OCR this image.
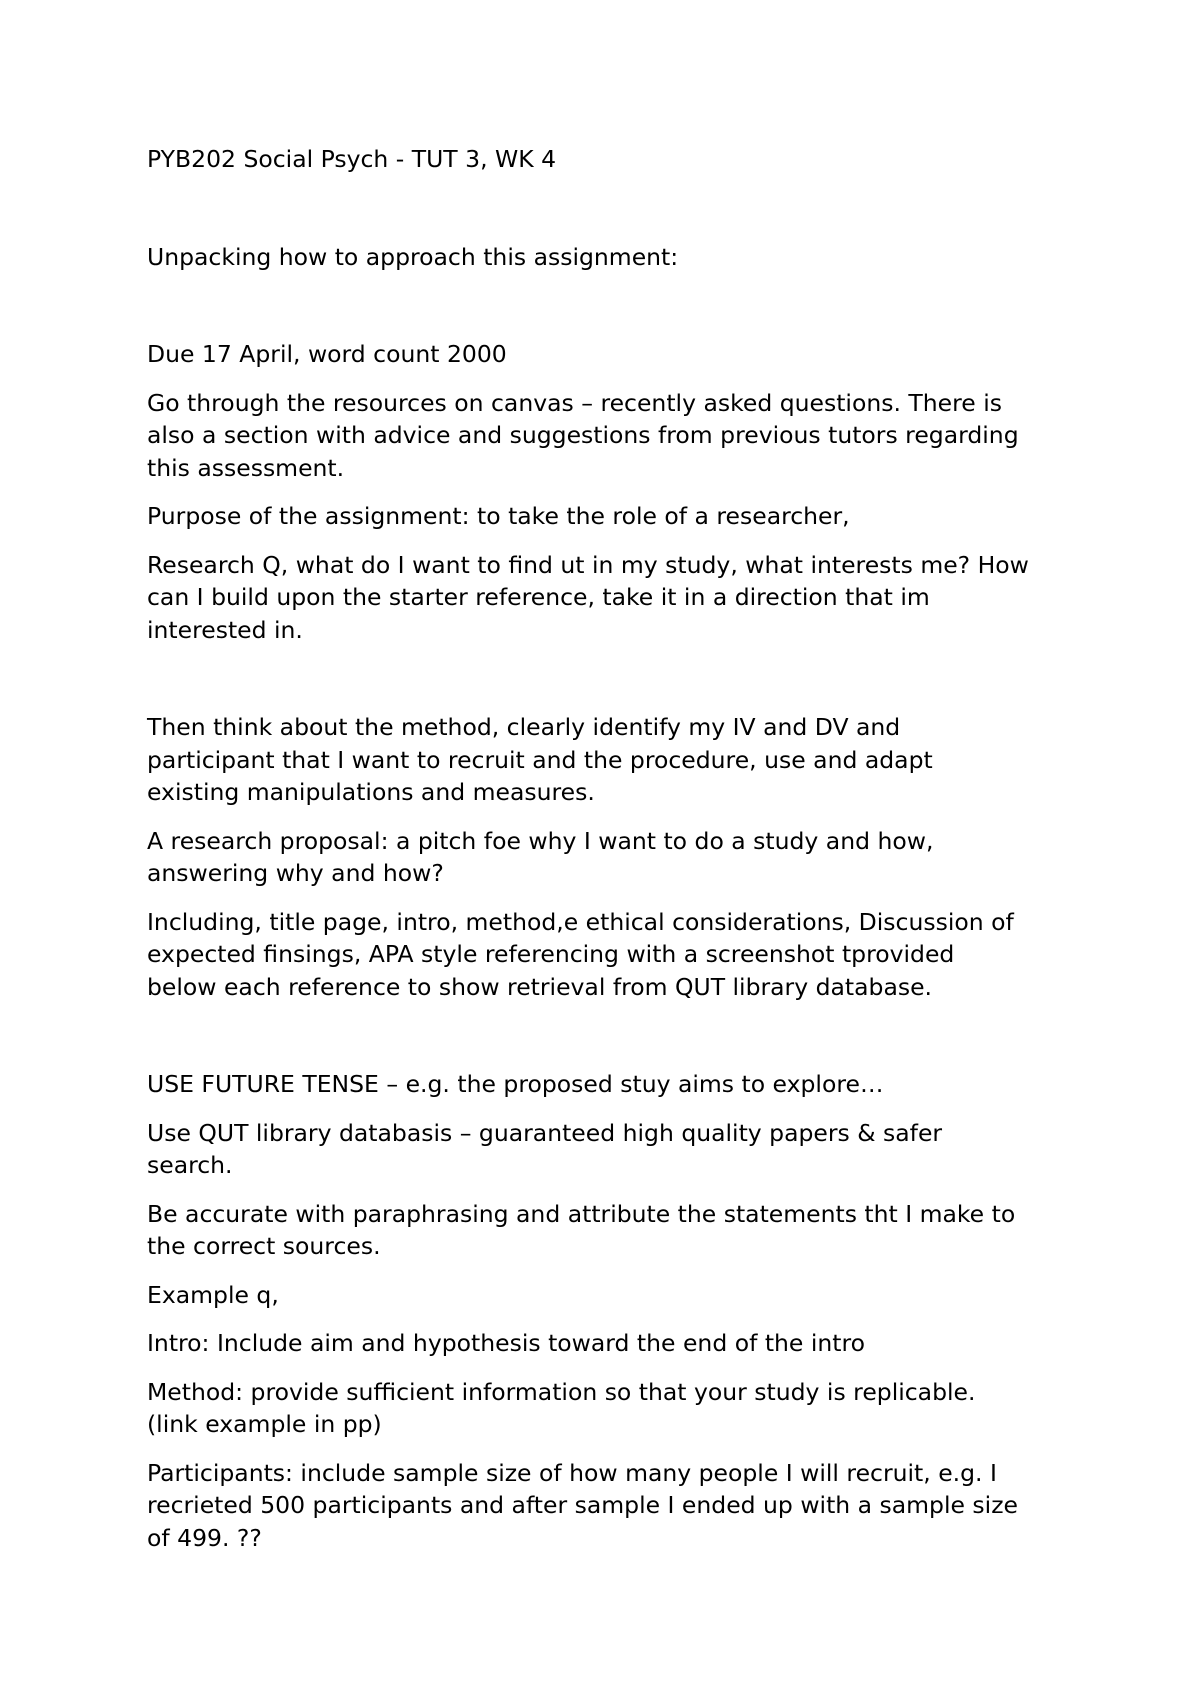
PYB202 Social Psych - TUT 3, WK 4
Unpacking how to approach this assignment:
Due 17 April, word count 2000
Go through the resources on canvas – recently asked questions. There is
also a section with advice and suggestions from previous tutors regarding
this assessment.
Purpose of the assignment: to take the role of a researcher,
Research Q, what do I want to find ut in my study, what interests me? How
can I build upon the starter reference, take it in a direction that im
interested in.
Then think about the method, clearly identify my IV and DV and
participant that I want to recruit and the procedure, use and adapt
existing manipulations and measures.
A research proposal: a pitch foe why I want to do a study and how,
answering why and how?
Including, title page, intro, method,e ethical considerations, Discussion of
expected finsings, APA style referencing with a screenshot tprovided
below each reference to show retrieval from QUT library database.
USE FUTURE TENSE – e.g. the proposed stuy aims to explore…
Use QUT library databasis – guaranteed high quality papers & safer
search.
Be accurate with paraphrasing and attribute the statements tht I make to
the correct sources.
Example q,
Intro: Include aim and hypothesis toward the end of the intro
Method: provide sufficient information so that your study is replicable.
(link example in pp)
Participants: include sample size of how many people I will recruit, e.g. I
recrieted 500 participants and after sample I ended up with a sample size
of 499. ??
